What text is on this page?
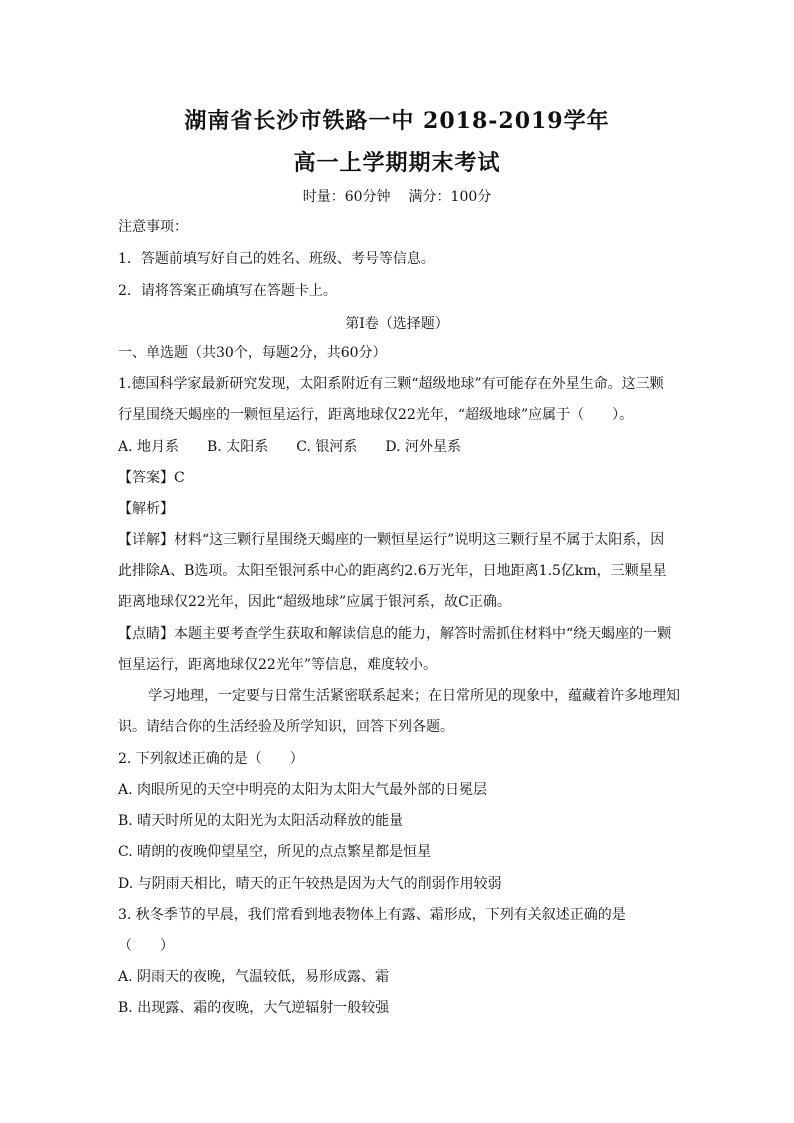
湖南省长沙市铁路一中 2018-2019学年
高一上学期期末考试
时量：60分钟 满分：100分
注意事项：
1．答题前填写好自己的姓名、班级、考号等信息。
2．请将答案正确填写在答题卡上。
第I卷（选择题）
一、单选题（共30个，每题2分，共60分）
1.德国科学家最新研究发现，太阳系附近有三颗“超级地球”有可能存在外星生命。这三颗
行星围绕天蝎座的一颗恒星运行，距离地球仅22光年，“超级地球”应属于（　　）。
A. 地月系 B. 太阳系 C. 银河系 D. 河外星系
【答案】C
【解析】
【详解】材料“这三颗行星围绕天蝎座的一颗恒星运行”说明这三颗行星不属于太阳系，因
此排除A、B选项。太阳至银河系中心的距离约2.6万光年，日地距离1.5亿km，三颗星星
距离地球仅22光年，因此“超级地球”应属于银河系，故C正确。
【点睛】本题主要考查学生获取和解读信息的能力，解答时需抓住材料中“绕天蝎座的一颗
恒星运行，距离地球仅22光年”等信息，难度较小。
学习地理，一定要与日常生活紧密联系起来；在日常所见的现象中，蕴藏着许多地理知
识。请结合你的生活经验及所学知识，回答下列各题。
2. 下列叙述正确的是（　　）
A. 肉眼所见的天空中明亮的太阳为太阳大气最外部的日冕层
B. 晴天时所见的太阳光为太阳活动释放的能量
C. 晴朗的夜晚仰望星空，所见的点点繁星都是恒星
D. 与阴雨天相比，晴天的正午较热是因为大气的削弱作用较弱
3. 秋冬季节的早晨，我们常看到地表物体上有露、霜形成，下列有关叙述正确的是
（　　）
A. 阴雨天的夜晚，气温较低，易形成露、霜
B. 出现露、霜的夜晚，大气逆辐射一般较强
